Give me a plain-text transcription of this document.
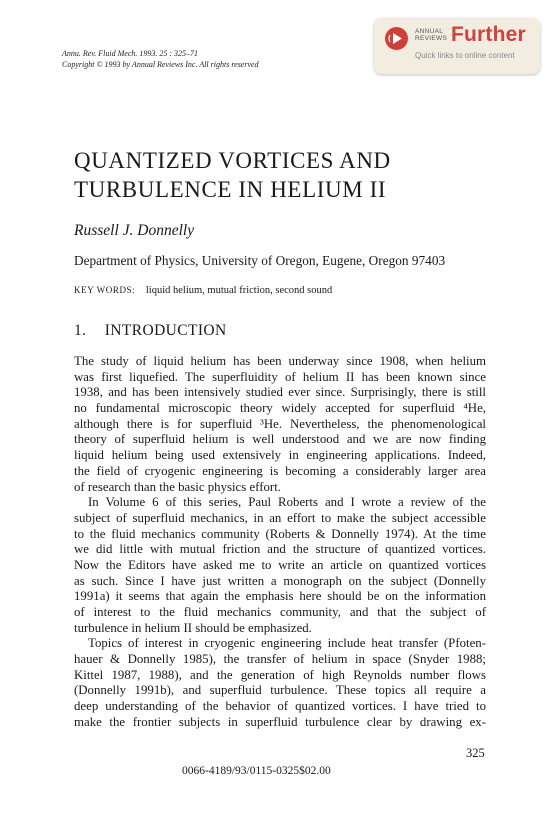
Annu. Rev. Fluid Mech. 1993. 25 : 325–71
Copyright © 1993 by Annual Reviews Inc. All rights reserved
ANNUAL
REVIEWS Further
Quick links to online content
QUANTIZED VORTICES AND
TURBULENCE IN HELIUM II
Russell J. Donnelly
Department of Physics, University of Oregon, Eugene, Oregon 97403
KEY WORDS: liquid helium, mutual friction, second sound
1. INTRODUCTION
The study of liquid helium has been underway since 1908, when helium
was first liquefied. The superfluidity of helium II has been known since
1938, and has been intensively studied ever since. Surprisingly, there is still
no fundamental microscopic theory widely accepted for superfluid ⁴He,
although there is for superfluid ³He. Nevertheless, the phenomenological
theory of superfluid helium is well understood and we are now finding
liquid helium being used extensively in engineering applications. Indeed,
the field of cryogenic engineering is becoming a considerably larger area
of research than the basic physics effort.
In Volume 6 of this series, Paul Roberts and I wrote a review of the
subject of superfluid mechanics, in an effort to make the subject accessible
to the fluid mechanics community (Roberts & Donnelly 1974). At the time
we did little with mutual friction and the structure of quantized vortices.
Now the Editors have asked me to write an article on quantized vortices
as such. Since I have just written a monograph on the subject (Donnelly
1991a) it seems that again the emphasis here should be on the information
of interest to the fluid mechanics community, and that the subject of
turbulence in helium II should be emphasized.
Topics of interest in cryogenic engineering include heat transfer (Pfoten-
hauer & Donnelly 1985), the transfer of helium in space (Snyder 1988;
Kittel 1987, 1988), and the generation of high Reynolds number flows
(Donnelly 1991b), and superfluid turbulence. These topics all require a
deep understanding of the behavior of quantized vortices. I have tried to
make the frontier subjects in superfluid turbulence clear by drawing ex-
325
0066-4189/93/0115-0325$02.00
